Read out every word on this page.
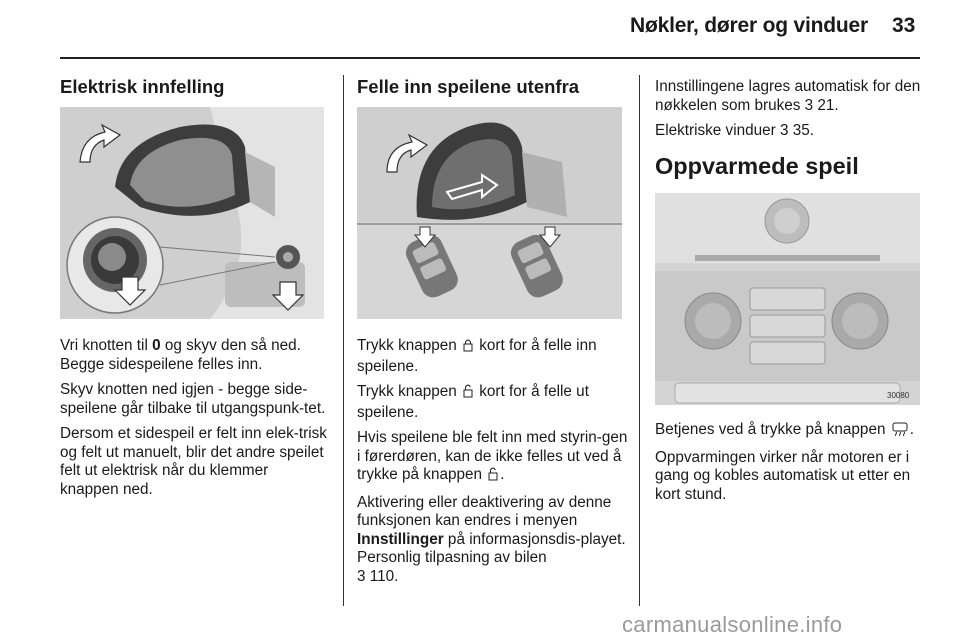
Nøkler, dører og vinduer 33
Elektrisk innfelling

Vri knotten til 0 og skyv den så ned.
Begge sidespeilene felles inn.

Skyv knotten ned igjen - begge side-speilene går tilbake til utgangspunk-tet.

Dersom et sidespeil er felt inn elek-trisk og felt ut manuelt, blir det andre speilet felt ut elektrisk når du klemmer knappen ned.

Felle inn speilene utenfra

Trykk knappen kort for å felle inn speilene.

Trykk knappen kort for å felle ut speilene.

Hvis speilene ble felt inn med styrin-gen i førerdøren, kan de ikke felles ut ved å trykke på knappen .

Aktivering eller deaktivering av denne funksjonen kan endres i menyen
Innstillinger på informasjonsdis-playet. Personlig tilpasning av bilen
3 110.

Innstillingene lagres automatisk for den nøkkelen som brukes 3 21.

Elektriske vinduer 3 35.

Oppvarmede speil
30080

Betjenes ved å trykke på knappen .

Oppvarmingen virker når motoren er i gang og kobles automatisk ut etter en kort stund.

carmanualsonline.info
